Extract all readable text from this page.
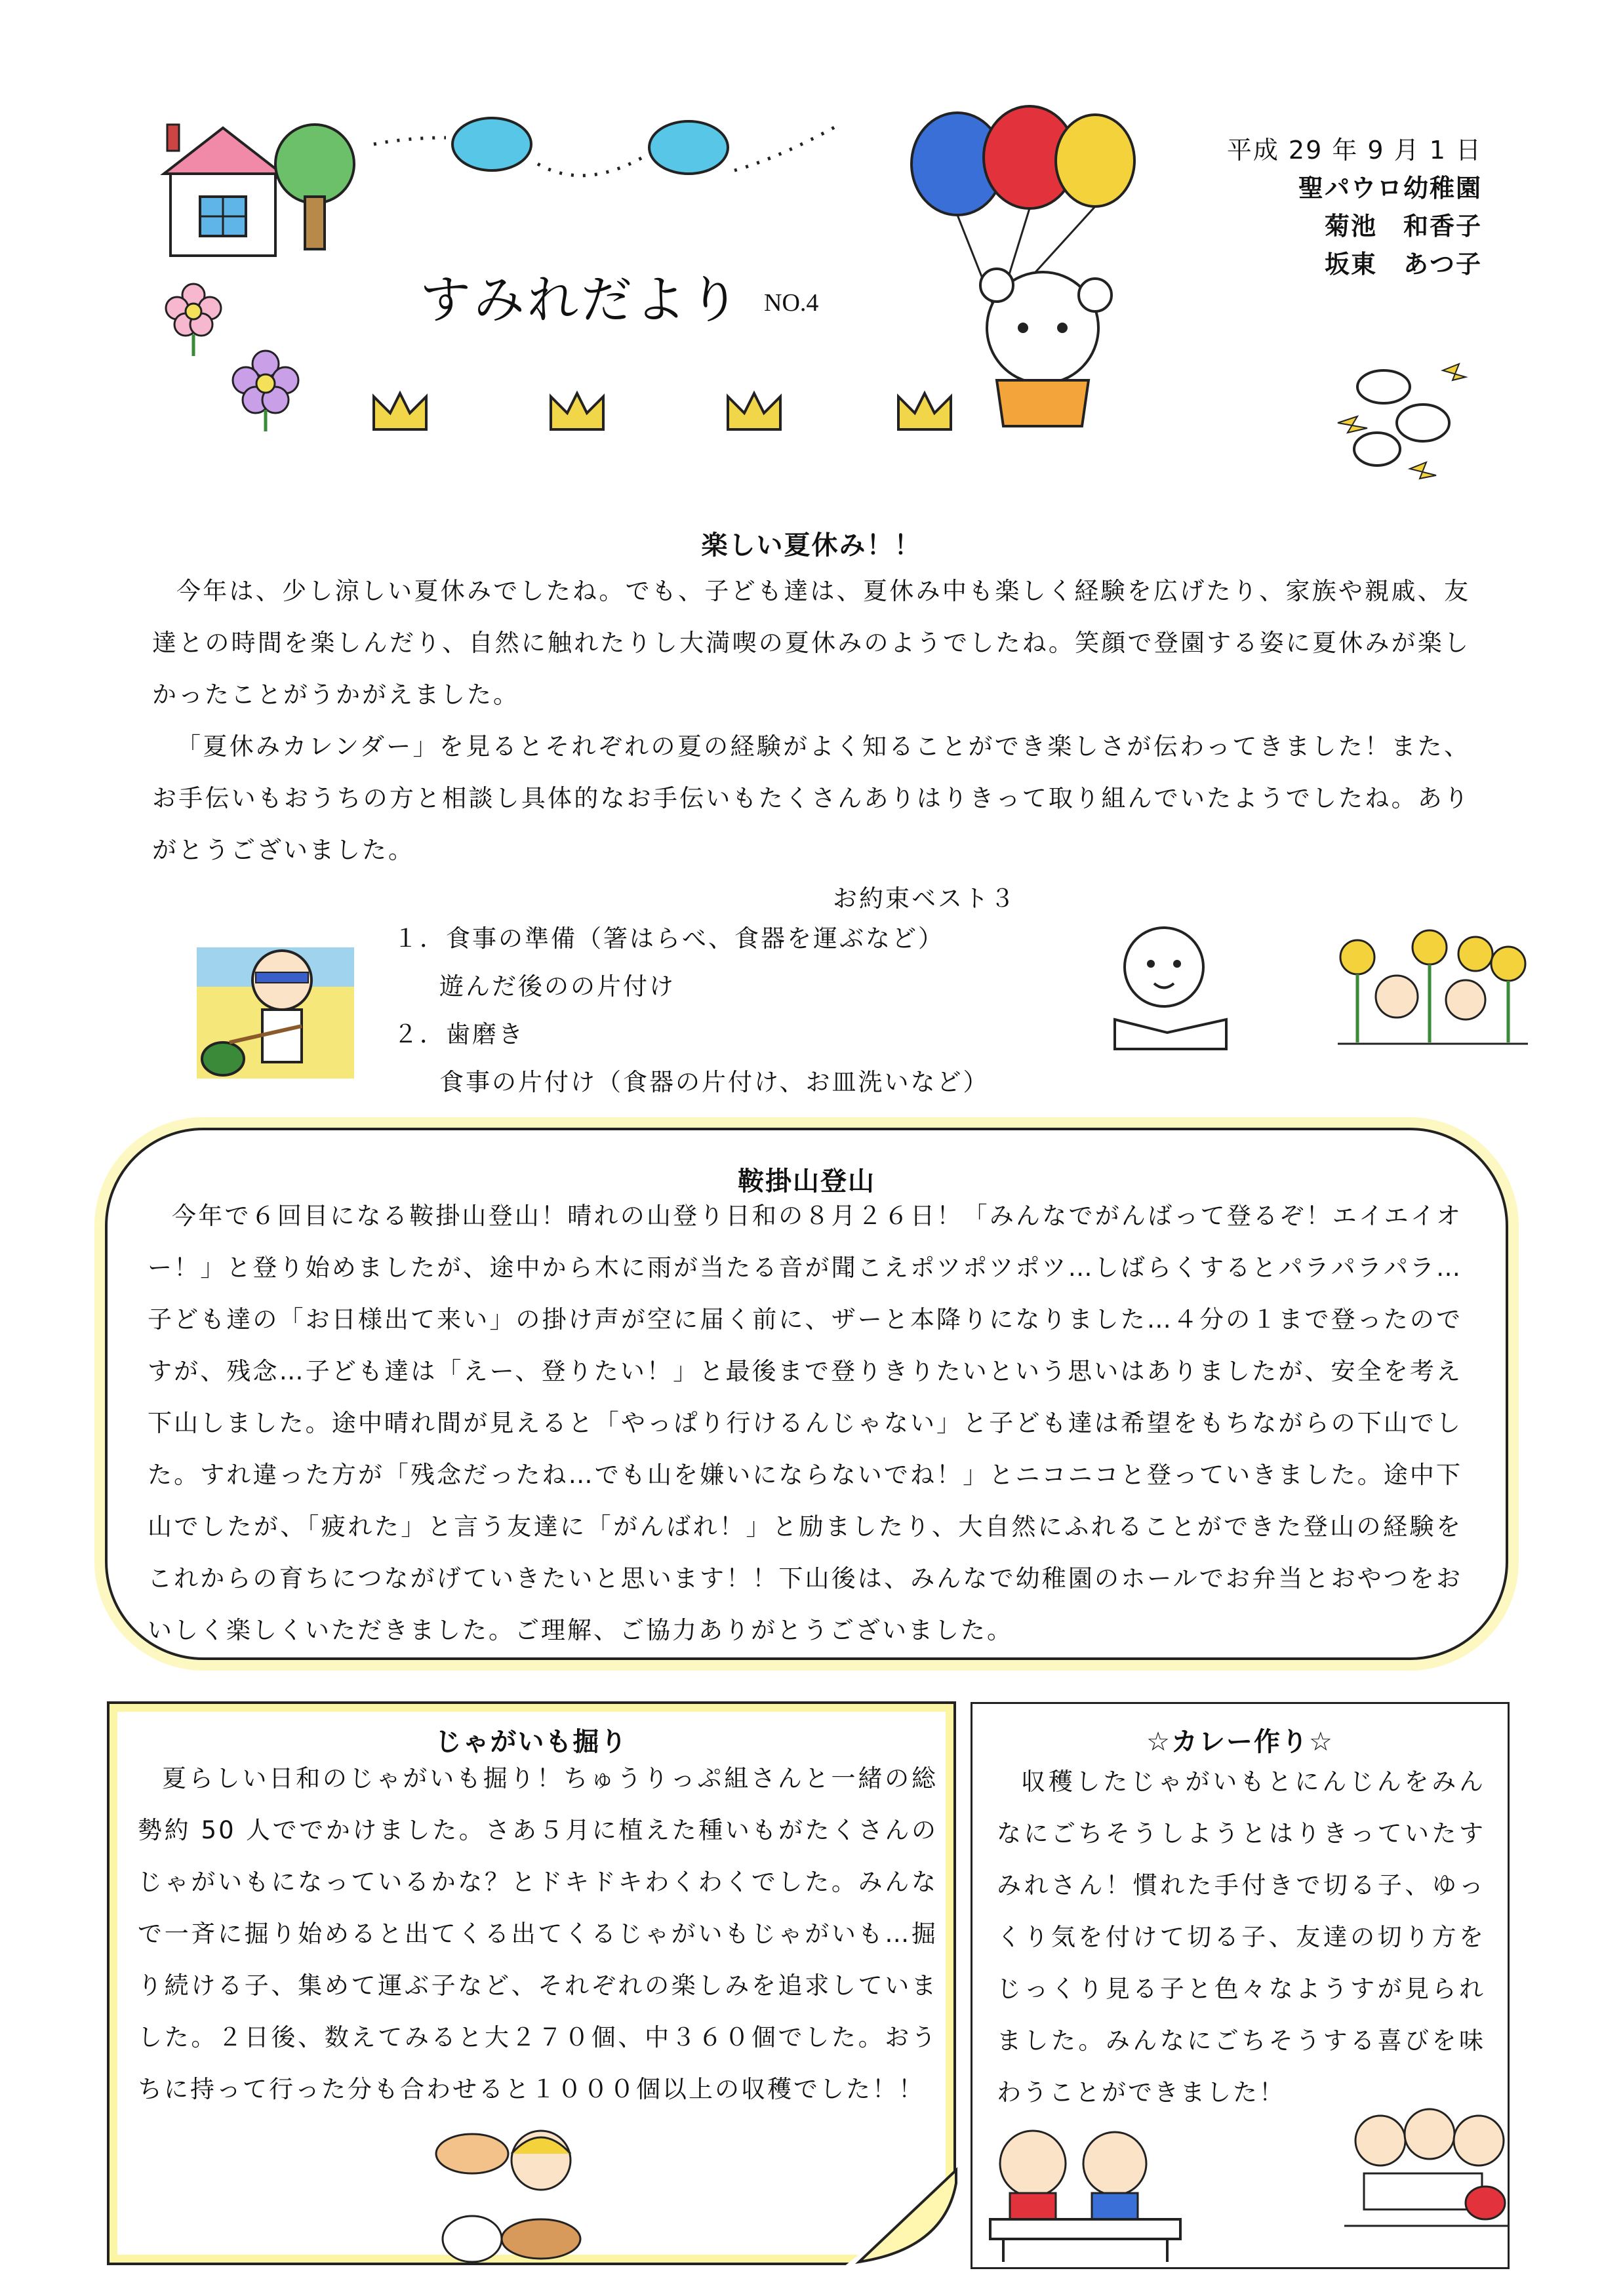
すみれだより NO.4
平成 29 年 9 月 1 日
聖パウロ幼稚園
菊池　和香子
坂東　あつ子
楽しい夏休み！！

今年は、少し涼しい夏休みでしたね。でも、子ども達は、夏休み中も楽しく経験を広げたり、家族や親戚、友達との時間を楽しんだり、自然に触れたりし大満喫の夏休みのようでしたね。笑顔で登園する姿に夏休みが楽しかったことがうかがえました。

「夏休みカレンダー」を見るとそれぞれの夏の経験がよく知ることができ楽しさが伝わってきました！また、お手伝いもおうちの方と相談し具体的なお手伝いもたくさんありはりきって取り組んでいたようでしたね。ありがとうございました。

お約束ベスト３
１．食事の準備（箸はらべ、食器を運ぶなど）
遊んだ後のの片付け
２．歯磨き
食事の片付け（食器の片付け、お皿洗いなど）
鞍掛山登山

今年で６回目になる鞍掛山登山！晴れの山登り日和の８月２６日！「みんなでがんばって登るぞ！エイエイオー！」と登り始めましたが、途中から木に雨が当たる音が聞こえポツポツポツ…しばらくするとパラパラパラ…子ども達の「お日様出て来い」の掛け声が空に届く前に、ザーと本降りになりました…４分の１まで登ったのですが、残念…子ども達は「えー、登りたい！」と最後まで登りきりたいという思いはありましたが、安全を考え下山しました。途中晴れ間が見えると「やっぱり行けるんじゃない」と子ども達は希望をもちながらの下山でした。すれ違った方が「残念だったね…でも山を嫌いにならないでね！」とニコニコと登っていきました。途中下山でしたが、「疲れた」と言う友達に「がんばれ！」と励ましたり、大自然にふれることができた登山の経験をこれからの育ちにつながげていきたいと思います！！下山後は、みんなで幼稚園のホールでお弁当とおやつをおいしく楽しくいただきました。ご理解、ご協力ありがとうございました。

じゃがいも掘り

夏らしい日和のじゃがいも掘り！ちゅうりっぷ組さんと一緒の総勢約 50 人ででかけました。さあ５月に植えた種いもがたくさんのじゃがいもになっているかな？とドキドキわくわくでした。みんなで一斉に掘り始めると出てくる出てくるじゃがいもじゃがいも…掘り続ける子、集めて運ぶ子など、それぞれの楽しみを追求していました。２日後、数えてみると大２７０個、中３６０個でした。おうちに持って行った分も合わせると１０００個以上の収穫でした！！

☆カレー作り☆

収穫したじゃがいもとにんじんをみんなにごちそうしようとはりきっていたすみれさん！慣れた手付きで切る子、ゆっくり気を付けて切る子、友達の切り方をじっくり見る子と色々なようすが見られました。みんなにごちそうする喜びを味わうことができました！
